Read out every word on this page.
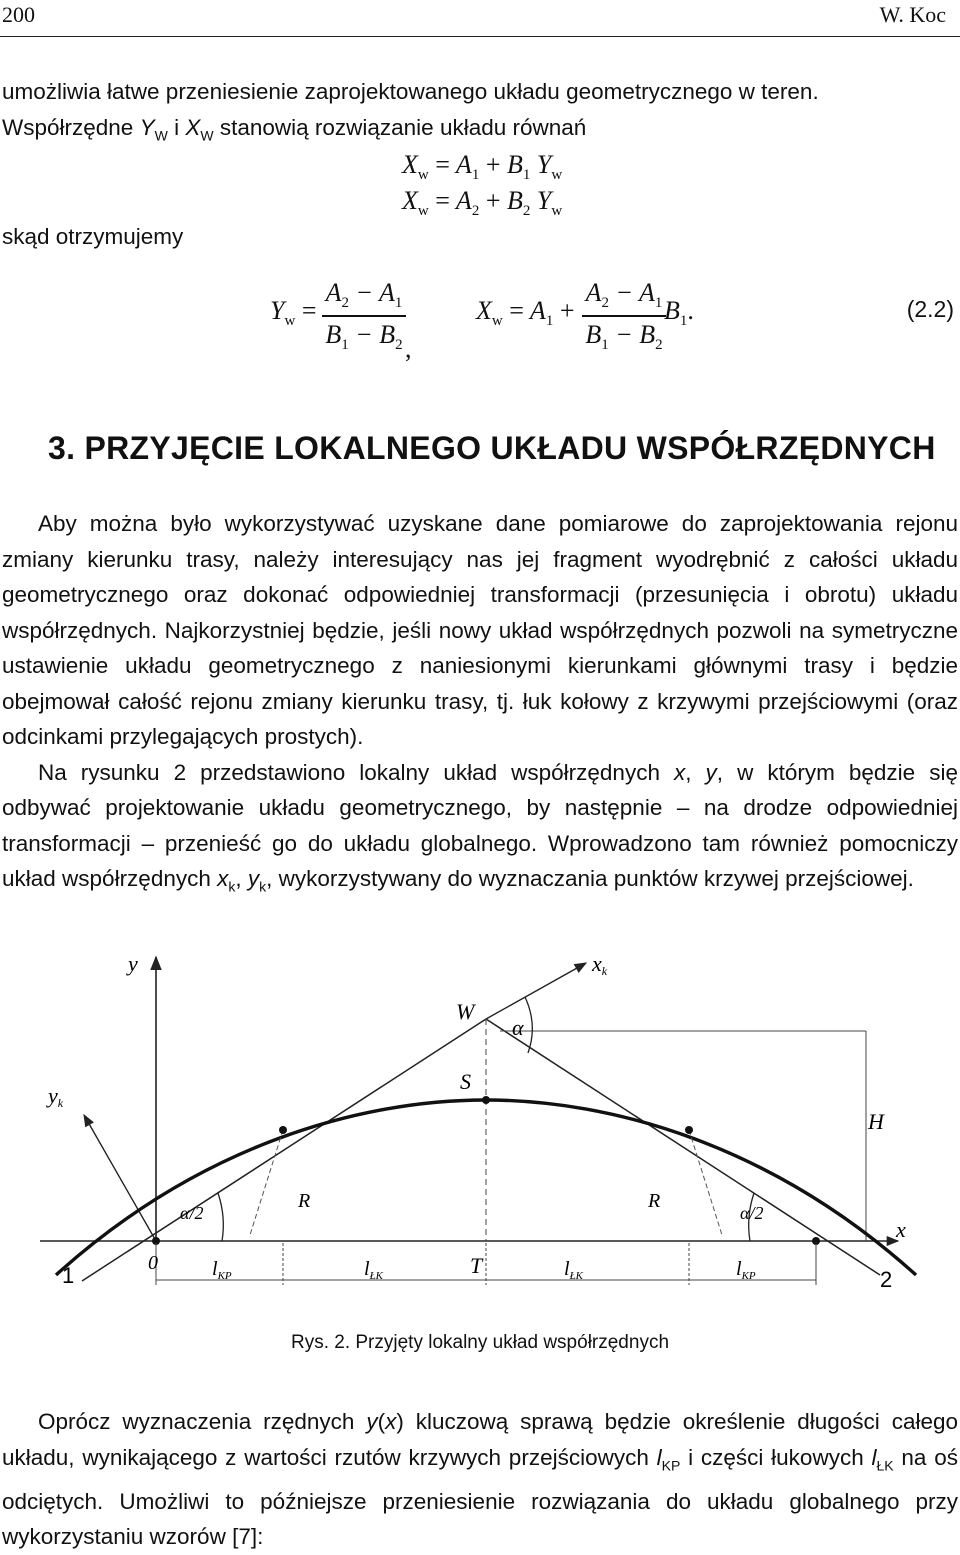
200	W. Koc

umożliwia łatwe przeniesienie zaprojektowanego układu geometrycznego w teren.

Współrzędne $Y_W$ i $X_W$ stanowią rozwiązanie układu równań

$X_w = A_1 + B_1$ $Y_w$
$X_w = A_2 + B_2$ $Y_w$

skąd otrzymujemy

$Y_w$ =
$A_2 - A_1$
$B_1 - B_2$ ,
$X_w = A_1$ +
$A_2 - A_1$
$B_1 - B_2$
$B_1$.	(2.2)
3. PRZYJĘCIE LOKALNEGO UKŁADU WSPÓŁRZĘDNYCH

Aby można było wykorzystywać uzyskane dane pomiarowe do zaprojektowania rejonu zmiany kierunku trasy, należy interesujący nas jej fragment wyodrębnić z całości układu geometrycznego oraz dokonać odpowiedniej transformacji (przesunięcia i obrotu) układu współrzędnych. Najkorzystniej będzie, jeśli nowy układ współrzędnych pozwoli na symetryczne ustawienie układu geometrycznego z naniesionymi kierunkami głównymi trasy i będzie obejmował całość rejonu zmiany kierunku trasy, tj. łuk kołowy z krzywymi przejściowymi (oraz odcinkami przylegających prostych).

Na rysunku 2 przedstawiono lokalny układ współrzędnych x, y, w którym będzie się odbywać projektowanie układu geometrycznego, by następnie – na drodze odpowiedniej transformacji – przenieść go do układu globalnego. Wprowadzono tam również pomocniczy układ współrzędnych $x_k$, $y_k$, wykorzystywany do wyznaczania punktów krzywej przejściowej.

y
x
xk
yk
W
α
S
H
R	R
α/2	α/2
0	T
$l_{KP}$	$l_{ŁK}$	$l_{ŁK}$	$l_{KP}$
1	2
Rys. 2. Przyjęty lokalny układ współrzędnych

Oprócz wyznaczenia rzędnych y(x) kluczową sprawą będzie określenie długości całego układu, wynikającego z wartości rzutów krzywych przejściowych $l_{KP}$ i części łukowych $l_{ŁK}$ na oś odciętych. Umożliwi to późniejsze przeniesienie rozwiązania do układu globalnego przy wykorzystaniu wzorów [7]:
